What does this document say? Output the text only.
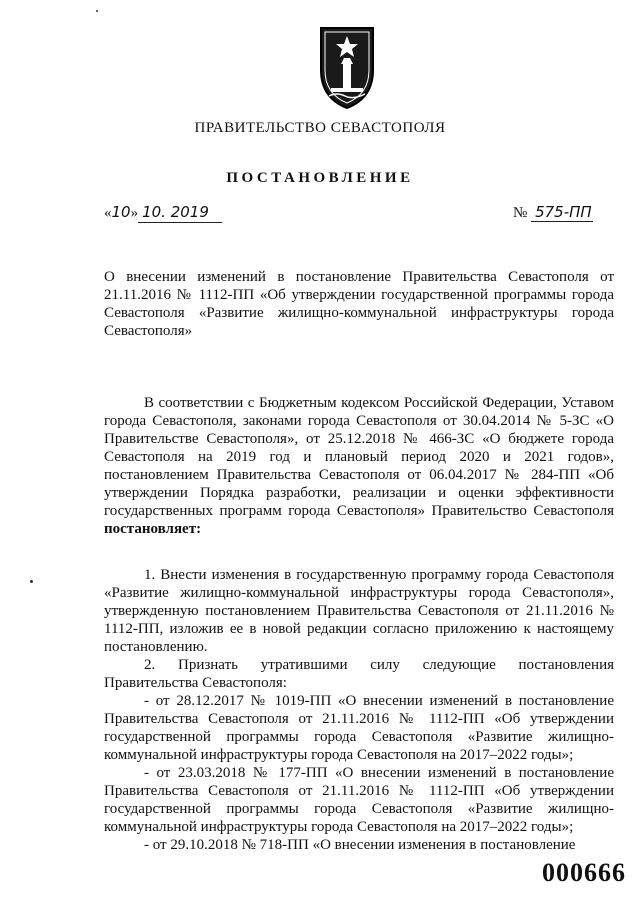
ПРАВИТЕЛЬСТВО СЕВАСТОПОЛЯ
ПОСТАНОВЛЕНИЕ
«10» 10. 2019	№ 575-ПП
О внесении изменений в постановление Правительства Севастополя от 21.11.2016 № 1112-ПП «Об утверждении государственной программы города Севастополя «Развитие жилищно-коммунальной инфраструктуры города Севастополя»
В соответствии с Бюджетным кодексом Российской Федерации, Уставом города Севастополя, законами города Севастополя от 30.04.2014 № 5-ЗС «О Правительстве Севастополя», от 25.12.2018 № 466-ЗС «О бюджете города Севастополя на 2019 год и плановый период 2020 и 2021 годов», постановлением Правительства Севастополя от 06.04.2017 № 284-ПП «Об утверждении Порядка разработки, реализации и оценки эффективности государственных программ города Севастополя» Правительство Севастополя постановляет:

1. Внести изменения в государственную программу города Севастополя «Развитие жилищно-коммунальной инфраструктуры города Севастополя», утвержденную постановлением Правительства Севастополя от 21.11.2016 № 1112-ПП, изложив ее в новой редакции согласно приложению к настоящему постановлению.

2. Признать утратившими силу следующие постановления Правительства Севастополя:

- от 28.12.2017 № 1019-ПП «О внесении изменений в постановление Правительства Севастополя от 21.11.2016 № 1112-ПП «Об утверждении государственной программы города Севастополя «Развитие жилищно-коммунальной инфраструктуры города Севастополя на 2017–2022 годы»;

- от 23.03.2018 № 177-ПП «О внесении изменений в постановление Правительства Севастополя от 21.11.2016 № 1112-ПП «Об утверждении государственной программы города Севастополя «Развитие жилищно-коммунальной инфраструктуры города Севастополя на 2017–2022 годы»;

- от 29.10.2018 № 718-ПП «О внесении изменения в постановление

000666
